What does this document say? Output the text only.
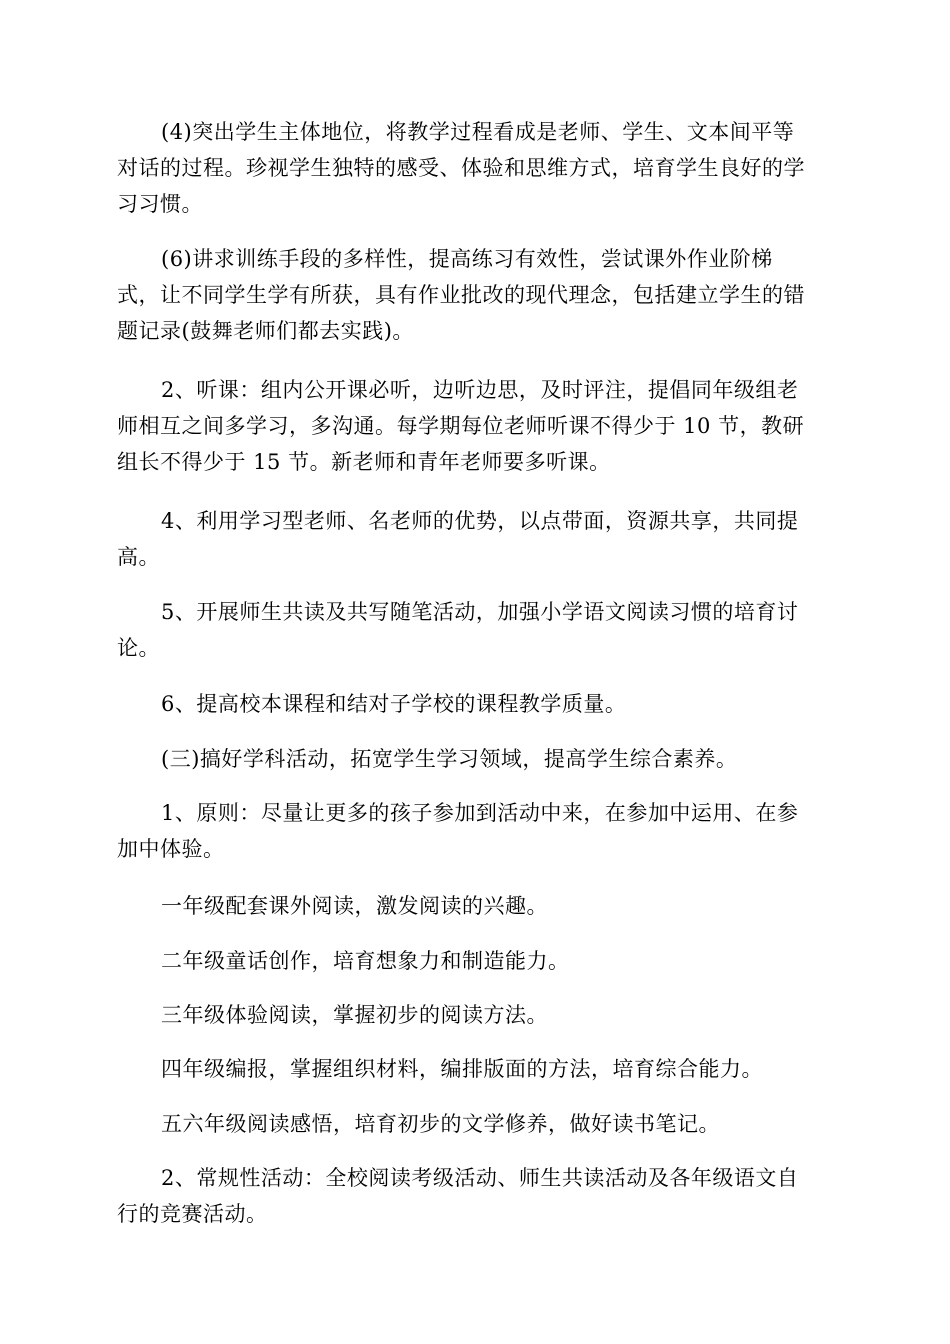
(4)突出学生主体地位，将教学过程看成是老师、学生、文本间平等
对话的过程。珍视学生独特的感受、体验和思维方式，培育学生良好的学
习习惯。
(6)讲求训练手段的多样性，提高练习有效性，尝试课外作业阶梯
式，让不同学生学有所获，具有作业批改的现代理念，包括建立学生的错
题记录(鼓舞老师们都去实践)。
2、听课：组内公开课必听，边听边思，及时评注，提倡同年级组老
师相互之间多学习，多沟通。每学期每位老师听课不得少于 10 节，教研
组长不得少于 15 节。新老师和青年老师要多听课。
4、利用学习型老师、名老师的优势，以点带面，资源共享，共同提
高。
5、开展师生共读及共写随笔活动，加强小学语文阅读习惯的培育讨
论。
6、提高校本课程和结对子学校的课程教学质量。
(三)搞好学科活动，拓宽学生学习领域，提高学生综合素养。
1、原则：尽量让更多的孩子参加到活动中来，在参加中运用、在参
加中体验。
一年级配套课外阅读，激发阅读的兴趣。
二年级童话创作，培育想象力和制造能力。
三年级体验阅读，掌握初步的阅读方法。
四年级编报，掌握组织材料，编排版面的方法，培育综合能力。
五六年级阅读感悟，培育初步的文学修养，做好读书笔记。
2、常规性活动：全校阅读考级活动、师生共读活动及各年级语文自
行的竞赛活动。
